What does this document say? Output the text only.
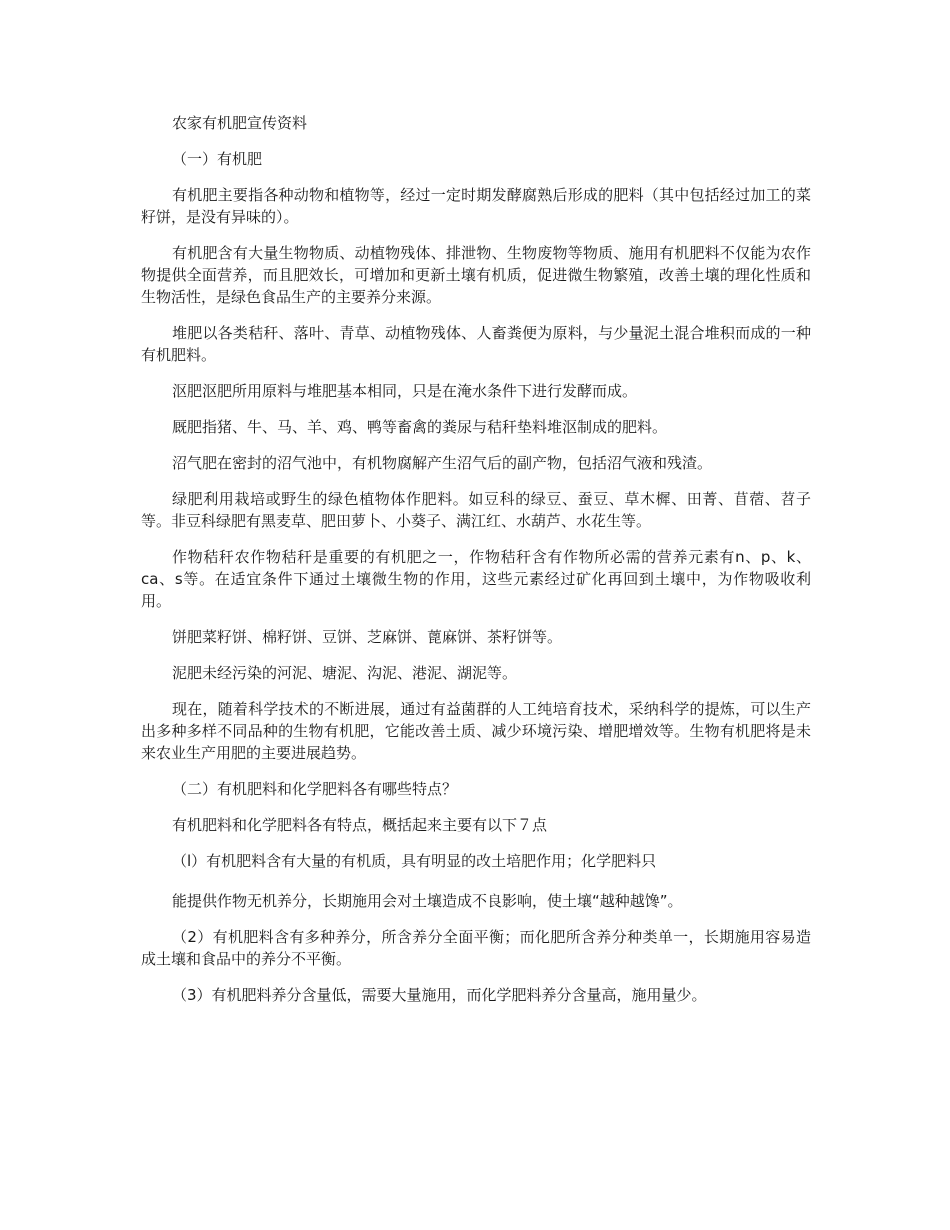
农家有机肥宣传资料

（一）有机肥

有机肥主要指各种动物和植物等，经过一定时期发酵腐熟后形成的肥料（其中包括经过加工的菜籽饼，是没有异味的）。

有机肥含有大量生物物质、动植物残体、排泄物、生物废物等物质、施用有机肥料不仅能为农作物提供全面营养，而且肥效长，可增加和更新土壤有机质，促进微生物繁殖，改善土壤的理化性质和生物活性，是绿色食品生产的主要养分来源。

堆肥以各类秸秆、落叶、青草、动植物残体、人畜粪便为原料，与少量泥土混合堆积而成的一种有机肥料。

沤肥沤肥所用原料与堆肥基本相同，只是在淹水条件下进行发酵而成。

厩肥指猪、牛、马、羊、鸡、鸭等畜禽的粪尿与秸秆垫料堆沤制成的肥料。

沼气肥在密封的沼气池中，有机物腐解产生沼气后的副产物，包括沼气液和残渣。

绿肥利用栽培或野生的绿色植物体作肥料。如豆科的绿豆、蚕豆、草木樨、田菁、苜蓿、苕子等。非豆科绿肥有黑麦草、肥田萝卜、小葵子、满江红、水葫芦、水花生等。

作物秸秆农作物秸秆是重要的有机肥之一，作物秸秆含有作物所必需的营养元素有n、p、k、ca、s等。在适宜条件下通过土壤微生物的作用，这些元素经过矿化再回到土壤中，为作物吸收利用。

饼肥菜籽饼、棉籽饼、豆饼、芝麻饼、蓖麻饼、茶籽饼等。

泥肥未经污染的河泥、塘泥、沟泥、港泥、湖泥等。

现在，随着科学技术的不断进展，通过有益菌群的人工纯培育技术，采纳科学的提炼，可以生产出多种多样不同品种的生物有机肥，它能改善土质、减少环境污染、增肥增效等。生物有机肥将是未来农业生产用肥的主要进展趋势。

（二）有机肥料和化学肥料各有哪些特点？

有机肥料和化学肥料各有特点，概括起来主要有以下７点

（l）有机肥料含有大量的有机质，具有明显的改土培肥作用；化学肥料只

能提供作物无机养分，长期施用会对土壤造成不良影响，使土壤“越种越馋”。

（2）有机肥料含有多种养分，所含养分全面平衡；而化肥所含养分种类单一，长期施用容易造成土壤和食品中的养分不平衡。

（3）有机肥料养分含量低，需要大量施用，而化学肥料养分含量高，施用量少。
